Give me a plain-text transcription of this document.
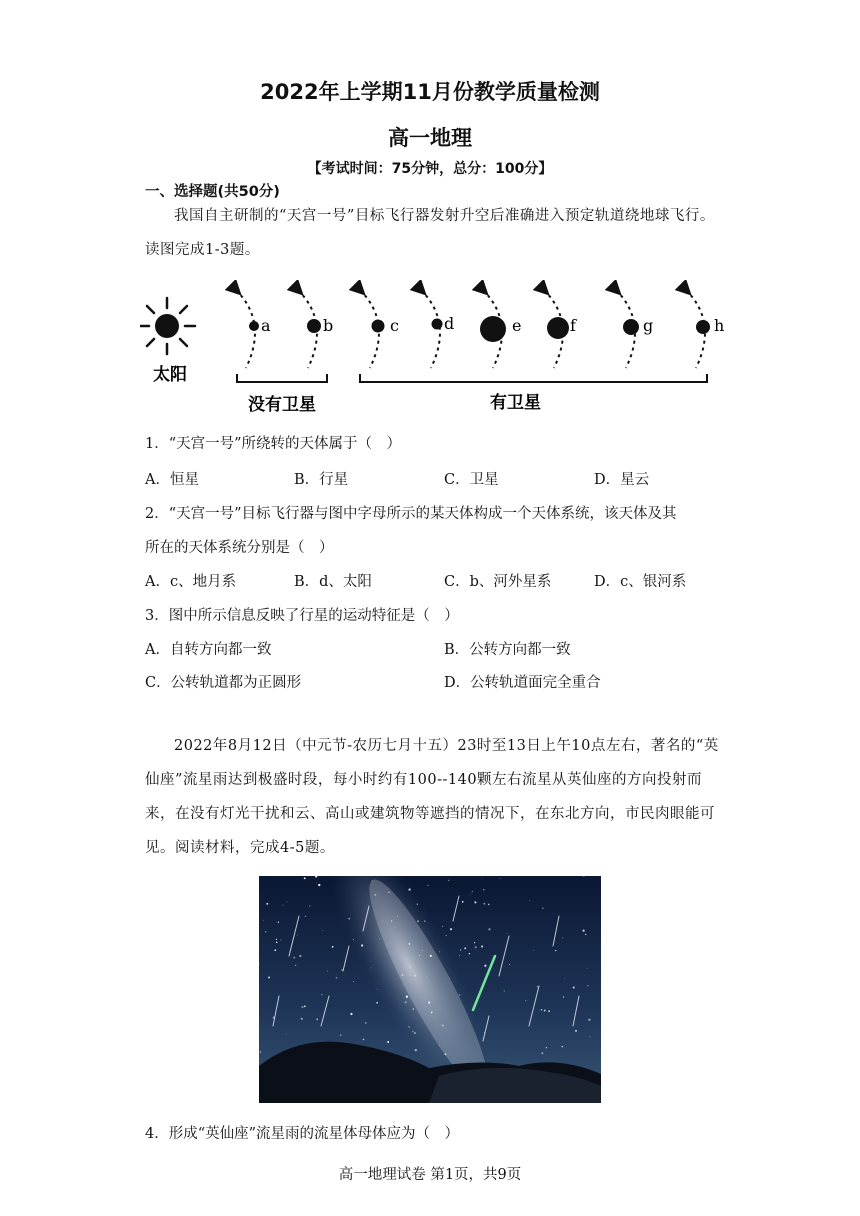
2022年上学期11月份教学质量检测
高一地理
【考试时间：75分钟，总分：100分】
一、选择题(共50分)
我国自主研制的“天宫一号”目标飞行器发射升空后准确进入预定轨道绕地球飞行。读图完成1-3题。
太阳
a	b	c	d	e	f	g	h
没有卫星	有卫星
1．“天宫一号”所绕转的天体属于（　）
A．恒星	B．行星	C．卫星	D．星云
2．“天宫一号”目标飞行器与图中字母所示的某天体构成一个天体系统，该天体及其
所在的天体系统分别是（　）
A．c、地月系	B．d、太阳	C．b、河外星系	D．c、银河系
3．图中所示信息反映了行星的运动特征是（　）
A．自转方向都一致	B．公转方向都一致
C．公转轨道都为正圆形	D．公转轨道面完全重合
2022年8月12日（中元节-农历七月十五）23时至13日上午10点左右，著名的“英仙座”流星雨达到极盛时段，每小时约有100--140颗左右流星从英仙座的方向投射而来，在没有灯光干扰和云、高山或建筑物等遮挡的情况下，在东北方向，市民肉眼能可见。阅读材料，完成4-5题。
4．形成“英仙座”流星雨的流星体母体应为（　）
高一地理试卷 第1页，共9页
